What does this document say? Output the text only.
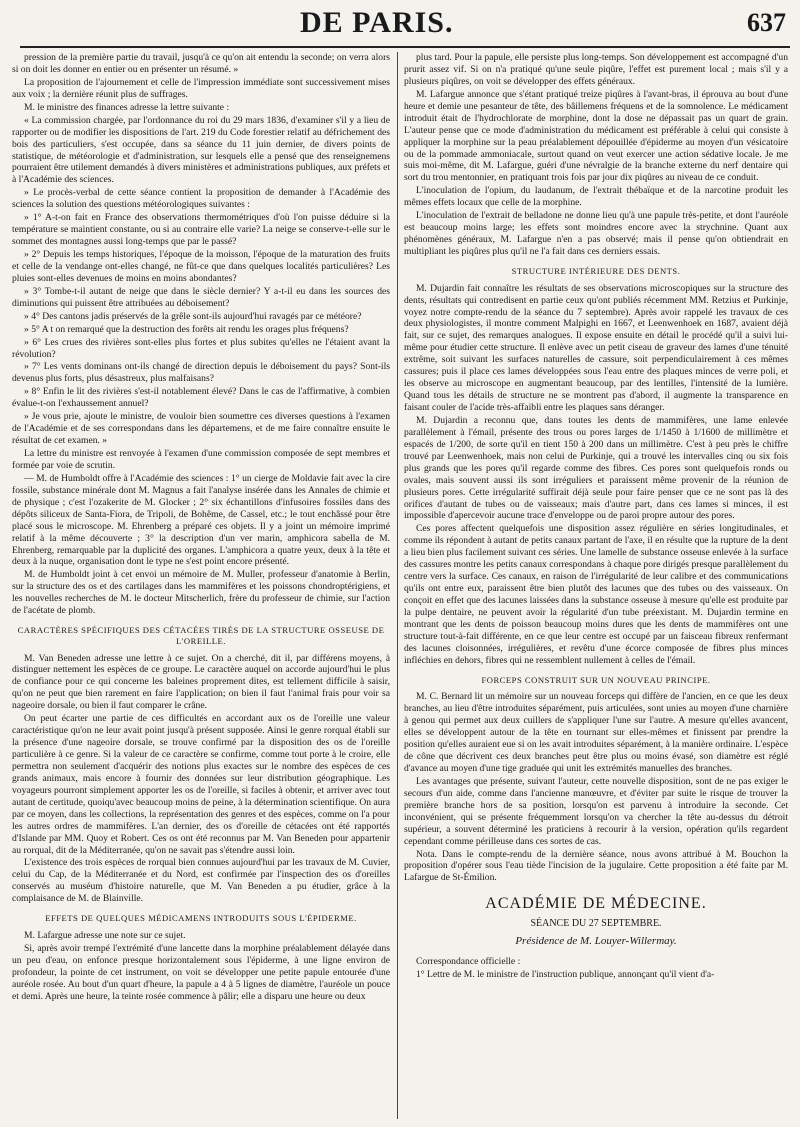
DE PARIS.	637

pression de la première partie du travail, jusqu'à ce qu'on ait entendu la seconde; on verra alors si on doit les donner en entier ou en présenter un résumé. »

La proposition de l'ajournement et celle de l'impression immédiate sont successivement mises aux voix ; la dernière réunit plus de suffrages.

M. le ministre des finances adresse la lettre suivante :

« La commission chargée, par l'ordonnance du roi du 29 mars 1836, d'examiner s'il y a lieu de rapporter ou de modifier les dispositions de l'art. 219 du Code forestier relatif au défrichement des bois des particuliers, s'est occupée, dans sa séance du 11 juin dernier, de divers points de statistique, de météorologie et d'administration, sur lesquels elle a pensé que des renseignemens pourraient être utilement demandés à divers ministères et administrations publiques, aux préfets et à l'Académie des sciences.

» Le procès-verbal de cette séance contient la proposition de demander à l'Académie des sciences la solution des questions météorologiques suivantes :

» 1° A-t-on fait en France des observations thermométriques d'où l'on puisse déduire si la température se maintient constante, ou si au contraire elle varie? La neige se conserve-t-elle sur le sommet des montagnes aussi long-temps que par le passé?

» 2° Depuis les temps historiques, l'époque de la moisson, l'époque de la maturation des fruits et celle de la vendange ont-elles changé, ne fût-ce que dans quelques localités particulières? Les pluies sont-elles devenues de moins en moins abondantes?

» 3° Tombe-t-il autant de neige que dans le siècle dernier? Y a-t-il eu dans les sources des diminutions qui puissent être attribuées au déboisement?

» 4° Des cantons jadis préservés de la grêle sont-ils aujourd'hui ravagés par ce météore?

» 5° A t on remarqué que la destruction des forêts ait rendu les orages plus fréquens?

» 6° Les crues des rivières sont-elles plus fortes et plus subites qu'elles ne l'étaient avant la révolution?

» 7° Les vents dominans ont-ils changé de direction depuis le déboisement du pays? Sont-ils devenus plus forts, plus désastreux, plus malfaisans?

» 8° Enfin le lit des rivières s'est-il notablement élevé? Dans le cas de l'affirmative, à combien évalue-t-on l'exhaussement annuel?

» Je vous prie, ajoute le ministre, de vouloir bien soumettre ces diverses questions à l'examen de l'Académie et de ses correspondans dans les départemens, et de me faire connaître ensuite le résultat de cet examen. »

La lettre du ministre est renvoyée à l'examen d'une commission composée de sept membres et formée par voie de scrutin.

— M. de Humboldt offre à l'Académie des sciences : 1° un cierge de Moldavie fait avec la cire fossile, substance minérale dont M. Magnus a fait l'analyse insérée dans les Annales de chimie et de physique ; c'est l'ozakerite de M. Glocker ; 2° six échantillons d'infusoires fossiles dans des dépôts siliceux de Santa-Fiora, de Tripoli, de Bohême, de Cassel, etc.; le tout enchâssé pour être placé sous le microscope. M. Ehrenberg a préparé ces objets. Il y a joint un mémoire imprimé relatif à la même découverte ; 3° la description d'un ver marin, amphicora sabella de M. Ehrenberg, remarquable par la duplicité des organes. L'amphicora a quatre yeux, deux à la tête et deux à la nuque, organisation dont le type ne s'est point encore présenté.

M. de Humboldt joint à cet envoi un mémoire de M. Muller, professeur d'anatomie à Berlin, sur la structure des os et des cartilages dans les mammifères et les poissons chondroptérigiens, et les nouvelles recherches de M. le docteur Mitscherlich, frère du professeur de chimie, sur l'action de l'acétate de plomb.

CARACTÈRES SPÉCIFIQUES DES CÉTACÉES TIRÉS DE LA STRUCTURE OSSEUSE DE L'OREILLE.

M. Van Beneden adresse une lettre à ce sujet. On a cherché, dit il, par différens moyens, à distinguer nettement les espèces de ce groupe. Le caractère auquel on accorde aujourd'hui le plus de confiance pour ce qui concerne les baleines proprement dites, est tellement difficile à saisir, qu'on ne peut que bien rarement en faire l'application; on bien il faut l'animal frais pour voir sa nageoire dorsale, ou bien il faut comparer le crâne.

On peut écarter une partie de ces difficultés en accordant aux os de l'oreille une valeur caractéristique qu'on ne leur avait point jusqu'à présent supposée. Ainsi le genre rorqual établi sur la présence d'une nageoire dorsale, se trouve confirmé par la disposition des os de l'oreille particulière à ce genre. Si la valeur de ce caractère se confirme, comme tout porte à le croire, elle permettra non seulement d'acquérir des notions plus exactes sur le nombre des espèces de ces grands animaux, mais encore à fournir des données sur leur distribution géographique. Les voyageurs pourront simplement apporter les os de l'oreille, si faciles à obtenir, et arriver avec tout autant de certitude, quoiqu'avec beaucoup moins de peine, à la détermination scientifique. On aura par ce moyen, dans les collections, la représentation des genres et des espèces, comme on l'a pour les autres ordres de mammifères. L'an dernier, des os d'oreille de cétacées ont été rapportés d'Islande par MM. Quoy et Robert. Ces os ont été reconnus par M. Van Beneden pour appartenir au rorqual, dit de la Méditerranée, qu'on ne savait pas s'étendre aussi loin.

L'existence des trois espèces de rorqual bien connues aujourd'hui par les travaux de M. Cuvier, celui du Cap, de la Méditerranée et du Nord, est confirmée par l'inspection des os d'oreilles conservés au muséum d'histoire naturelle, que M. Van Beneden a pu étudier, grâce à la complaisance de M. de Blainville.

EFFETS DE QUELQUES MÉDICAMENS INTRODUITS SOUS L'ÉPIDERME.

M. Lafargue adresse une note sur ce sujet.

Si, après avoir trempé l'extrémité d'une lancette dans la morphine préalablement délayée dans un peu d'eau, on enfonce presque horizontalement sous l'épiderme, à une ligne environ de profondeur, la pointe de cet instrument, on voit se développer une petite papule entourée d'une auréole rosée. Au bout d'un quart d'heure, la papule a 4 à 5 lignes de diamètre, l'auréole un pouce et demi. Après une heure, la teinte rosée commence à pâlir; elle a disparu une heure ou deux

plus tard. Pour la papule, elle persiste plus long-temps. Son développement est accompagné d'un prurit assez vif. Si on n'a pratiqué qu'une seule piqûre, l'effet est purement local ; mais s'il y a plusieurs piqûres, on voit se développer des effets généraux.

M. Lafargue annonce que s'étant pratiqué treize piqûres à l'avant-bras, il éprouva au bout d'une heure et demie une pesanteur de tête, des bâillemens fréquens et de la somnolence. Le médicament introduit était de l'hydrochlorate de morphine, dont la dose ne dépassait pas un quart de grain. L'auteur pense que ce mode d'administration du médicament est préférable à celui qui consiste à appliquer la morphine sur la peau préalablement dépouillée d'épiderme au moyen d'un vésicatoire ou de la pommade ammoniacale, surtout quand on veut exercer une action sédative locale. Je me suis moi-même, dit M. Lafargue, guéri d'une névralgie de la branche externe du nerf dentaire qui sort du trou mentonnier, en pratiquant trois fois par jour dix piqûres au niveau de ce conduit.

L'inoculation de l'opium, du laudanum, de l'extrait thébaïque et de la narcotine produit les mêmes effets locaux que celle de la morphine.

L'inoculation de l'extrait de belladone ne donne lieu qu'à une papule très-petite, et dont l'auréole est beaucoup moins large; les effets sont moindres encore avec la strychnine. Quant aux phénomènes généraux, M. Lafargue n'en a pas observé; mais il pense qu'on obtiendrait en multipliant les piqûres plus qu'il ne l'a fait dans ces derniers essais.

STRUCTURE INTÉRIEURE DES DENTS.

M. Dujardin fait connaître les résultats de ses observations microscopiques sur la structure des dents, résultats qui contredisent en partie ceux qu'ont publiés récemment MM. Retzius et Purkinje, voyez notre compte-rendu de la séance du 7 septembre). Après avoir rappelé les travaux de ces deux physiologistes, il montre comment Malpighi en 1667, et Leenwenhoek en 1687, avaient déjà fait, sur ce sujet, des remarques analogues. Il expose ensuite en détail le procédé qu'il a suivi lui-même pour étudier cette structure. Il enlève avec un petit ciseau de graveur des lames d'une ténuité extrême, soit suivant les surfaces naturelles de cassure, soit perpendiculairement à ces mêmes cassures; puis il place ces lames développées sous l'eau entre des plaques minces de verre poli, et les observe au microscope en augmentant beaucoup, par des lentilles, l'intensité de la lumière. Quand tous les détails de structure ne se montrent pas d'abord, il augmente la transparence en faisant couler de l'acide très-affaibli entre les plaques sans déranger.

M. Dujardin a reconnu que, dans toutes les dents de mammifères, une lame enlevée parallèlement à l'émail, présente des trous ou pores larges de 1/1450 à 1/1600 de millimètre et espacés de 1/200, de sorte qu'il en tient 150 à 200 dans un millimètre. C'est à peu près le chiffre trouvé par Leenwenhoek, mais non celui de Purkinje, qui a trouvé les intervalles cinq ou six fois plus grands que les pores qu'il regarde comme des fibres. Ces pores sont quelquefois ronds ou ovales, mais souvent aussi ils sont irréguliers et paraissent même provenir de la réunion de plusieurs pores. Cette irrégularité suffirait déjà seule pour faire penser que ce ne sont pas là des orifices d'autant de tubes ou de vaisseaux; mais d'autre part, dans ces lames si minces, il est impossible d'apercevoir aucune trace d'enveloppe ou de paroi propre autour des pores.

Ces pores affectent quelquefois une disposition assez régulière en séries longitudinales, et comme ils répondent à autant de petits canaux partant de l'axe, il en résulte que la rupture de la dent a lieu bien plus facilement suivant ces séries. Une lamelle de substance osseuse enlevée à la surface des cassures montre les petits canaux correspondans à chaque pore dirigés presque parallèlement du centre vers la surface. Ces canaux, en raison de l'irrégularité de leur calibre et des communications qu'ils ont entre eux, paraissent être bien plutôt des lacunes que des tubes ou des vaisseaux. On conçoit en effet que des lacunes laissées dans la substance osseuse à mesure qu'elle est produite par la pulpe dentaire, ne peuvent avoir la régularité d'un tube préexistant. M. Dujardin termine en montrant que les dents de poisson beaucoup moins dures que les dents de mammifères ont une structure tout-à-fait différente, en ce que leur centre est occupé par un faisceau fibreux renfermant des lacunes cloisonnées, irrégulières, et revêtu d'une écorce composée de fibres plus minces infléchies en dehors, fibres qui ne ressemblent nullement à celles de l'émail.

FORCEPS CONSTRUIT SUR UN NOUVEAU PRINCIPE.

M. C. Bernard lit un mémoire sur un nouveau forceps qui diffère de l'ancien, en ce que les deux branches, au lieu d'être introduites séparément, puis articulées, sont unies au moyen d'une charnière à genou qui permet aux deux cuillers de s'appliquer l'une sur l'autre. A mesure qu'elles avancent, elles se développent autour de la tête en tournant sur elles-mêmes et finissent par prendre la position qu'elles auraient eue si on les avait introduites séparément, à la manière ordinaire. L'espèce de cône que décrivent ces deux branches peut être plus ou moins évasé, son diamètre est réglé d'avance au moyen d'une tige graduée qui unit les extrémités manuelles des branches.

Les avantages que présente, suivant l'auteur, cette nouvelle disposition, sont de ne pas exiger le secours d'un aide, comme dans l'ancienne manœuvre, et d'éviter par suite le risque de trouver la première branche hors de sa position, lorsqu'on est parvenu à introduire la seconde. Cet inconvénient, qui se présente fréquemment lorsqu'on va chercher la tête au-dessus du détroit supérieur, a souvent déterminé les praticiens à recourir à la version, opération qu'ils regardent cependant comme périlleuse dans ces sortes de cas.

Nota. Dans le compte-rendu de la dernière séance, nous avons attribué à M. Bouchon la proposition d'opérer sous l'eau tiède l'incision de la jugulaire. Cette proposition a été faite par M. Lafargue de St-Émilion.

ACADÉMIE DE MÉDECINE.
SÉANCE DU 27 SEPTEMBRE.
Présidence de M. Louyer-Willermay.

Correspondance officielle :

1° Lettre de M. le ministre de l'instruction publique, annonçant qu'il vient d'a-
